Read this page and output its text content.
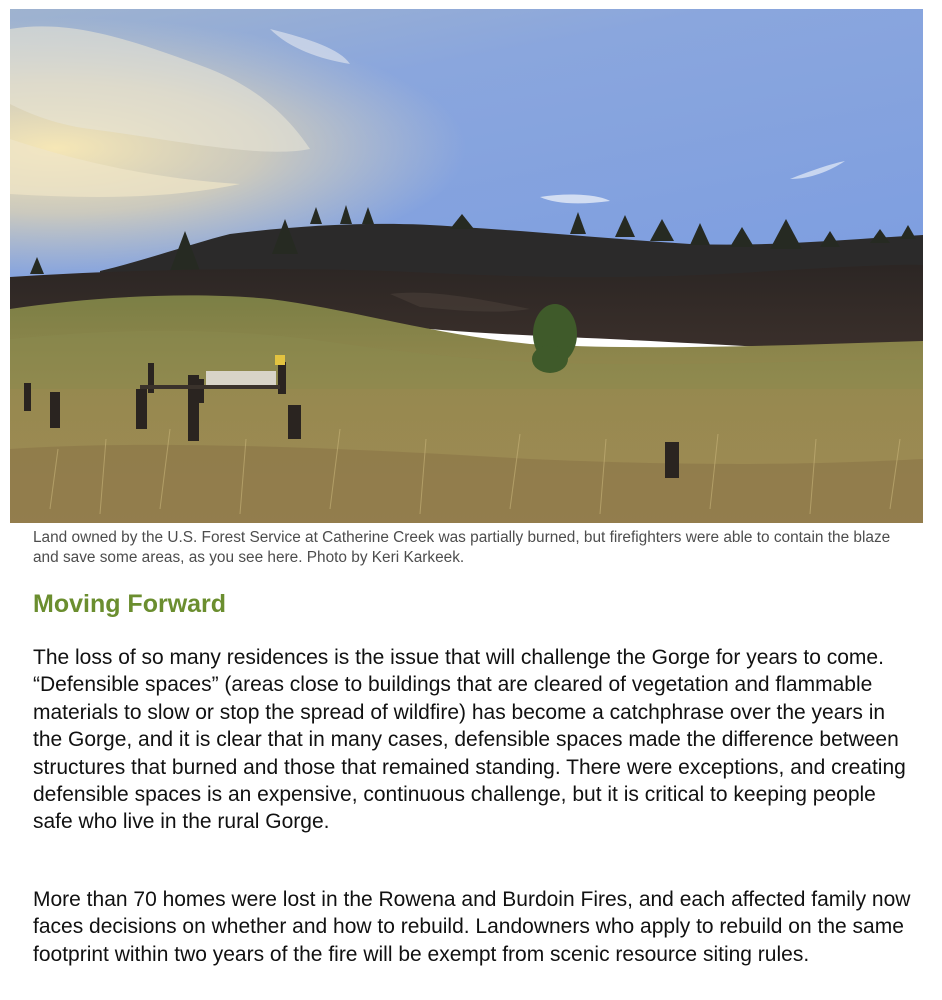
Land owned by the U.S. Forest Service at Catherine Creek was partially burned, but firefighters were able to contain the blaze and save some areas, as you see here. Photo by Keri Karkeek.

Moving Forward

The loss of so many residences is the issue that will challenge the Gorge for years to come. “Defensible spaces” (areas close to buildings that are cleared of vegetation and flammable materials to slow or stop the spread of wildfire) has become a catchphrase over the years in the Gorge, and it is clear that in many cases, defensible spaces made the difference between structures that burned and those that remained standing. There were exceptions, and creating defensible spaces is an expensive, continuous challenge, but it is critical to keeping people safe who live in the rural Gorge.

More than 70 homes were lost in the Rowena and Burdoin Fires, and each affected family now faces decisions on whether and how to rebuild. Landowners who apply to rebuild on the same footprint within two years of the fire will be exempt from scenic resource siting rules.
